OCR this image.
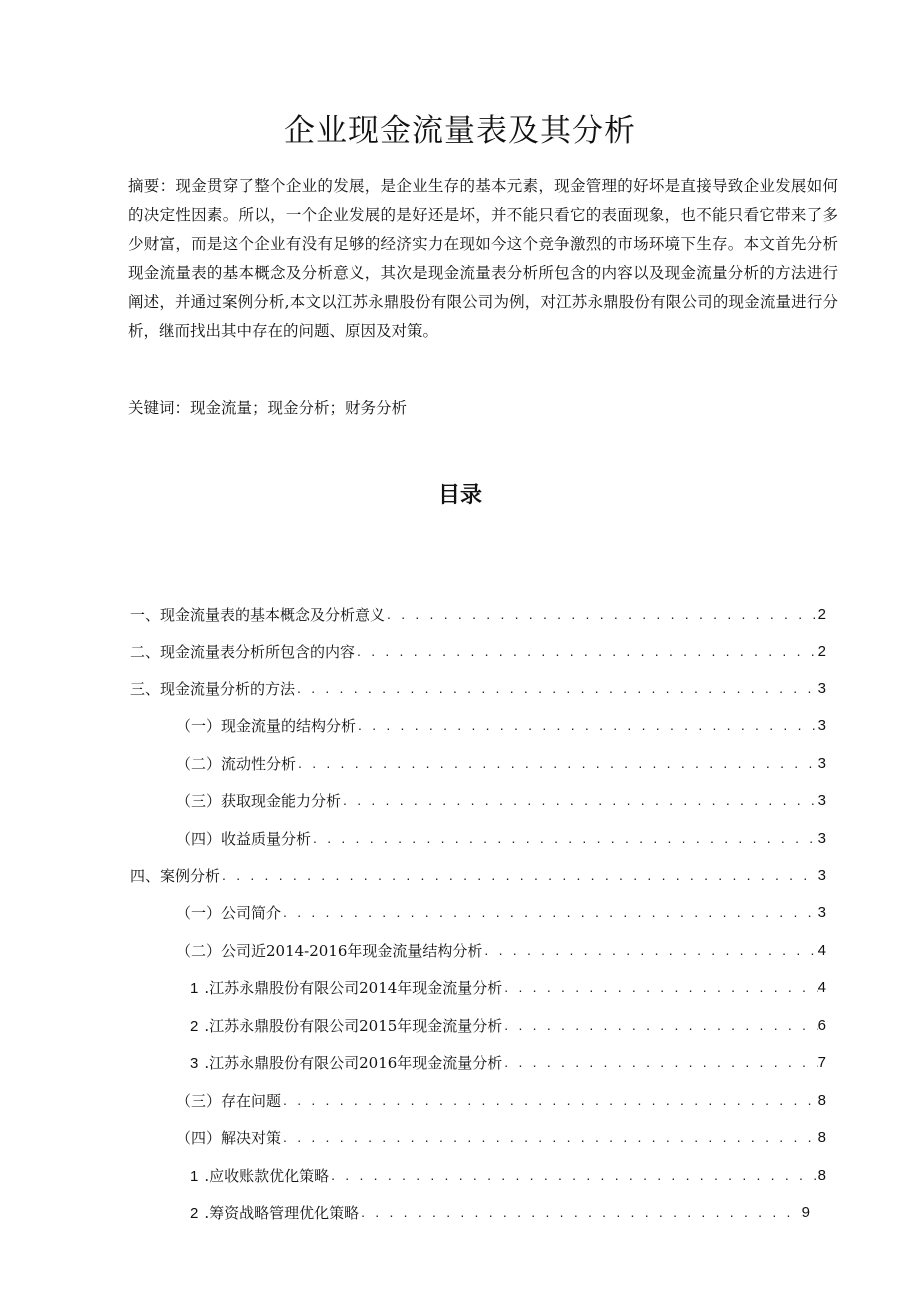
企业现金流量表及其分析

摘要：现金贯穿了整个企业的发展，是企业生存的基本元素，现金管理的好坏是直接导致企业发展如何的决定性因素。所以，一个企业发展的是好还是坏，并不能只看它的表面现象，也不能只看它带来了多少财富，而是这个企业有没有足够的经济实力在现如今这个竞争激烈的市场环境下生存。本文首先分析现金流量表的基本概念及分析意义，其次是现金流量表分析所包含的内容以及现金流量分析的方法进行阐述，并通过案例分析,本文以江苏永鼎股份有限公司为例，对江苏永鼎股份有限公司的现金流量进行分析，继而找出其中存在的问题、原因及对策。

关键词：现金流量；现金分析；财务分析

目录
一、现金流量表的基本概念及分析意义 . . .	2
二、现金流量表分析所包含的内容 . . .	2
三、现金流量分析的方法 . . .	3
（一）现金流量的结构分析 . . .	3
（二）流动性分析 . . .	3
（三）获取现金能力分析 . . .	3
（四）收益质量分析 . . .	3
四、案例分析 . . .	3
（一）公司简介 . . .	3
（二）公司近2014-2016年现金流量结构分析 . . .	4
1 .江苏永鼎股份有限公司2014年现金流量分析 . . .	4
2 .江苏永鼎股份有限公司2015年现金流量分析 . . .	6
3 .江苏永鼎股份有限公司2016年现金流量分析 . . .	7
（三）存在问题 . . .	8
（四）解决对策 . . .	8
1 .应收账款优化策略 . . .	8
2 .筹资战略管理优化策略 . . .	9
